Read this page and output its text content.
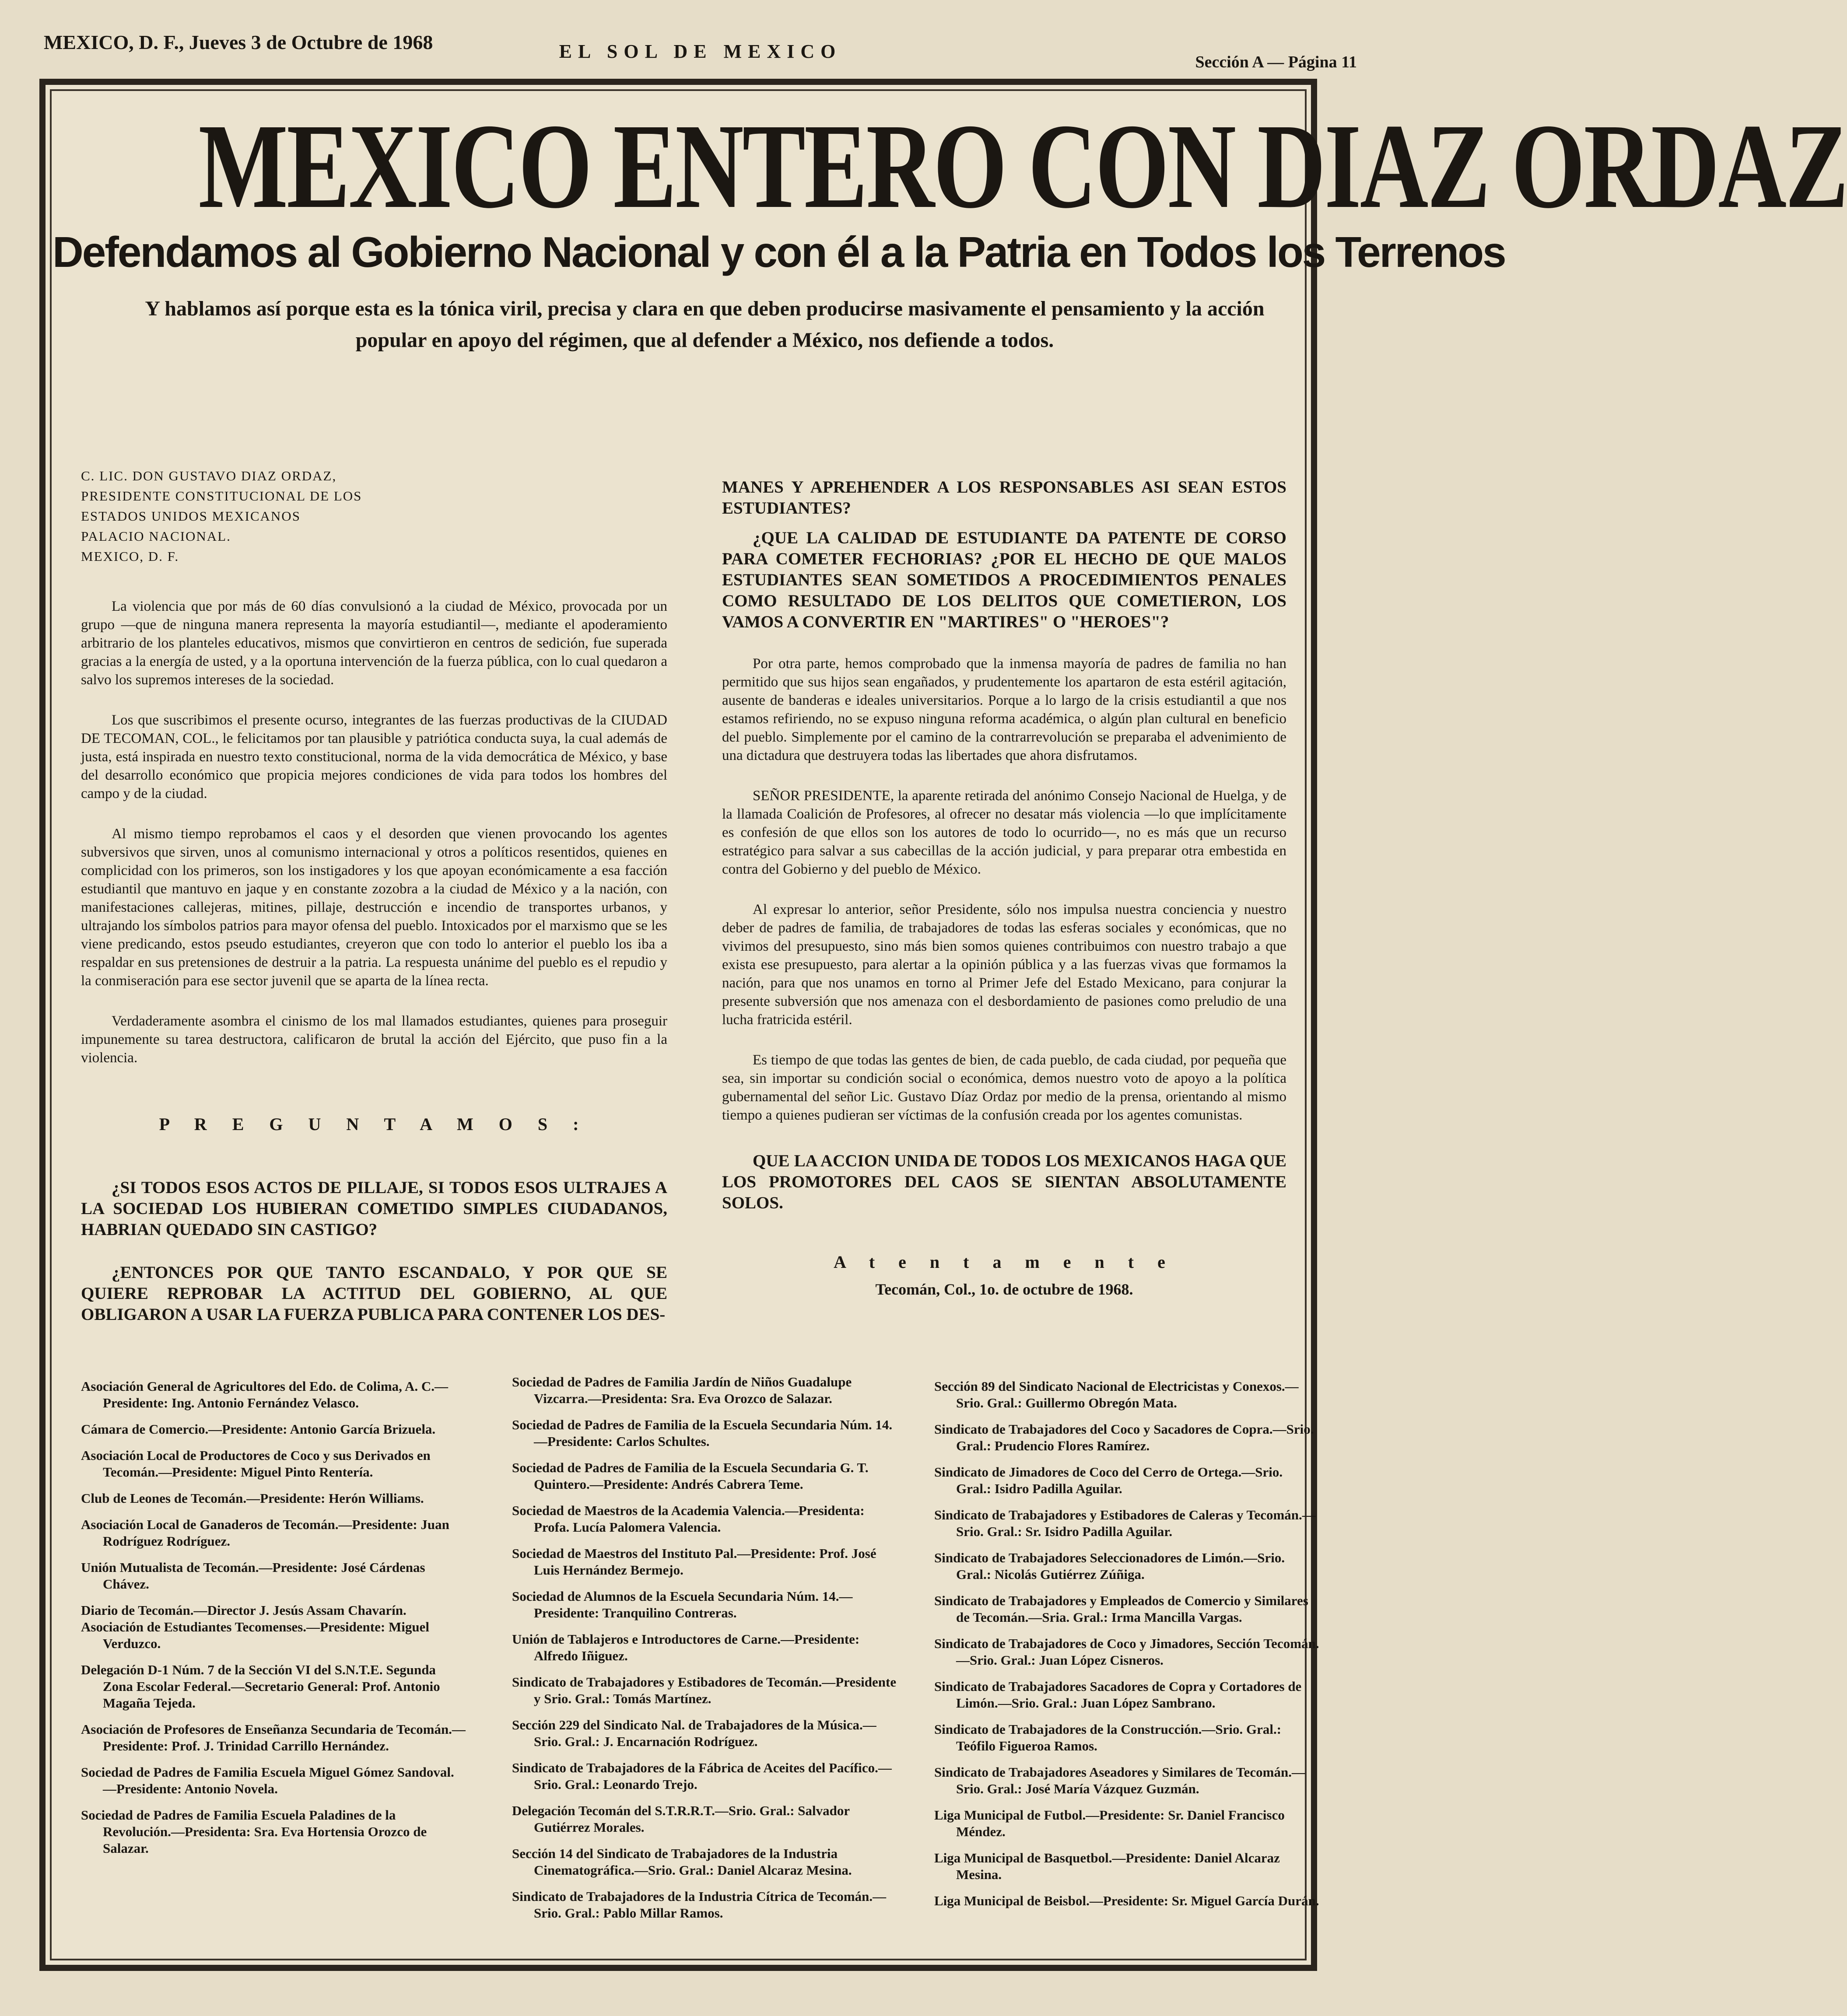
MEXICO, D. F., Jueves 3 de Octubre de 1968	EL SOL DE MEXICO	Sección A — Página 11
MEXICO ENTERO CON DIAZ ORDAZ
Defendamos al Gobierno Nacional y con él a la Patria en Todos los Terrenos
Y hablamos así porque esta es la tónica viril, precisa y clara en que deben producirse masivamente el pensamiento y la acción popular en apoyo del régimen, que al defender a México, nos defiende a todos.
C. LIC. DON GUSTAVO DIAZ ORDAZ,
PRESIDENTE CONSTITUCIONAL DE LOS
ESTADOS UNIDOS MEXICANOS
PALACIO NACIONAL.
MEXICO, D. F.

La violencia que por más de 60 días convulsionó a la ciudad de México, provocada por un grupo —que de ninguna manera representa la mayoría estudiantil—, mediante el apoderamiento arbitrario de los planteles educativos, mismos que convirtieron en centros de sedición, fue superada gracias a la energía de usted, y a la oportuna intervención de la fuerza pública, con lo cual quedaron a salvo los supremos intereses de la sociedad.

Los que suscribimos el presente ocurso, integrantes de las fuerzas productivas de la CIUDAD DE TECOMAN, COL., le felicitamos por tan plausible y patriótica conducta suya, la cual además de justa, está inspirada en nuestro texto constitucional, norma de la vida democrática de México, y base del desarrollo económico que propicia mejores condiciones de vida para todos los hombres del campo y de la ciudad.

Al mismo tiempo reprobamos el caos y el desorden que vienen provocando los agentes subversivos que sirven, unos al comunismo internacional y otros a políticos resentidos, quienes en complicidad con los primeros, son los instigadores y los que apoyan económicamente a esa facción estudiantil que mantuvo en jaque y en constante zozobra a la ciudad de México y a la nación, con manifestaciones callejeras, mitines, pillaje, destrucción e incendio de transportes urbanos, y ultrajando los símbolos patrios para mayor ofensa del pueblo. Intoxicados por el marxismo que se les viene predicando, estos pseudo estudiantes, creyeron que con todo lo anterior el pueblo los iba a respaldar en sus pretensiones de destruir a la patria. La respuesta unánime del pueblo es el repudio y la conmiseración para ese sector juvenil que se aparta de la línea recta.

Verdaderamente asombra el cinismo de los mal llamados estudiantes, quienes para proseguir impunemente su tarea destructora, calificaron de brutal la acción del Ejército, que puso fin a la violencia.

P R E G U N T A M O S :

¿SI TODOS ESOS ACTOS DE PILLAJE, SI TODOS ESOS ULTRAJES A LA SOCIEDAD LOS HUBIERAN COMETIDO SIMPLES CIUDADANOS, HABRIAN QUEDADO SIN CASTIGO?

¿ENTONCES POR QUE TANTO ESCANDALO, Y POR QUE SE QUIERE REPROBAR LA ACTITUD DEL GOBIERNO, AL QUE OBLIGARON A USAR LA FUERZA PUBLICA PARA CONTENER LOS DES-

MANES Y APREHENDER A LOS RESPONSABLES ASI SEAN ESTOS ESTUDIANTES?

¿QUE LA CALIDAD DE ESTUDIANTE DA PATENTE DE CORSO PARA COMETER FECHORIAS? ¿POR EL HECHO DE QUE MALOS ESTUDIANTES SEAN SOMETIDOS A PROCEDIMIENTOS PENALES COMO RESULTADO DE LOS DELITOS QUE COMETIERON, LOS VAMOS A CONVERTIR EN "MARTIRES" O "HEROES"?

Por otra parte, hemos comprobado que la inmensa mayoría de padres de familia no han permitido que sus hijos sean engañados, y prudentemente los apartaron de esta estéril agitación, ausente de banderas e ideales universitarios. Porque a lo largo de la crisis estudiantil a que nos estamos refiriendo, no se expuso ninguna reforma académica, o algún plan cultural en beneficio del pueblo. Simplemente por el camino de la contrarrevolución se preparaba el advenimiento de una dictadura que destruyera todas las libertades que ahora disfrutamos.

SEÑOR PRESIDENTE, la aparente retirada del anónimo Consejo Nacional de Huelga, y de la llamada Coalición de Profesores, al ofrecer no desatar más violencia —lo que implícitamente es confesión de que ellos son los autores de todo lo ocurrido—, no es más que un recurso estratégico para salvar a sus cabecillas de la acción judicial, y para preparar otra embestida en contra del Gobierno y del pueblo de México.

Al expresar lo anterior, señor Presidente, sólo nos impulsa nuestra conciencia y nuestro deber de padres de familia, de trabajadores de todas las esferas sociales y económicas, que no vivimos del presupuesto, sino más bien somos quienes contribuimos con nuestro trabajo a que exista ese presupuesto, para alertar a la opinión pública y a las fuerzas vivas que formamos la nación, para que nos unamos en torno al Primer Jefe del Estado Mexicano, para conjurar la presente subversión que nos amenaza con el desbordamiento de pasiones como preludio de una lucha fratricida estéril.

Es tiempo de que todas las gentes de bien, de cada pueblo, de cada ciudad, por pequeña que sea, sin importar su condición social o económica, demos nuestro voto de apoyo a la política gubernamental del señor Lic. Gustavo Díaz Ordaz por medio de la prensa, orientando al mismo tiempo a quienes pudieran ser víctimas de la confusión creada por los agentes comunistas.

QUE LA ACCION UNIDA DE TODOS LOS MEXICANOS HAGA QUE LOS PROMOTORES DEL CAOS SE SIENTAN ABSOLUTAMENTE SOLOS.

A t e n t a m e n t e
Tecomán, Col., 1o. de octubre de 1968.
Asociación General de Agricultores del Edo. de Colima, A. C.—Presidente: Ing. Antonio Fernández Velasco.
Cámara de Comercio.—Presidente: Antonio García Brizuela.
Asociación Local de Productores de Coco y sus Derivados en Tecomán.—Presidente: Miguel Pinto Rentería.
Club de Leones de Tecomán.—Presidente: Herón Williams.
Asociación Local de Ganaderos de Tecomán.—Presidente: Juan Rodríguez Rodríguez.
Unión Mutualista de Tecomán.—Presidente: José Cárdenas Chávez.
Diario de Tecomán.—Director J. Jesús Assam Chavarín.
Asociación de Estudiantes Tecomenses.—Presidente: Miguel Verduzco.
Delegación D-1 Núm. 7 de la Sección VI del S.N.T.E. Segunda Zona Escolar Federal.—Secretario General: Prof. Antonio Magaña Tejeda.
Asociación de Profesores de Enseñanza Secundaria de Tecomán.—Presidente: Prof. J. Trinidad Carrillo Hernández.
Sociedad de Padres de Familia Escuela Miguel Gómez Sandoval.—Presidente: Antonio Novela.
Sociedad de Padres de Familia Escuela Paladines de la Revolución.—Presidenta: Sra. Eva Hortensia Orozco de Salazar.
Sociedad de Padres de Familia Jardín de Niños Guadalupe Vizcarra.—Presidenta: Sra. Eva Orozco de Salazar.
Sociedad de Padres de Familia de la Escuela Secundaria Núm. 14.—Presidente: Carlos Schultes.
Sociedad de Padres de Familia de la Escuela Secundaria G. T. Quintero.—Presidente: Andrés Cabrera Teme.
Sociedad de Maestros de la Academia Valencia.—Presidenta: Profa. Lucía Palomera Valencia.
Sociedad de Maestros del Instituto Pal.—Presidente: Prof. José Luis Hernández Bermejo.
Sociedad de Alumnos de la Escuela Secundaria Núm. 14.—Presidente: Tranquilino Contreras.
Unión de Tablajeros e Introductores de Carne.—Presidente: Alfredo Iñiguez.
Sindicato de Trabajadores y Estibadores de Tecomán.—Presidente y Srio. Gral.: Tomás Martínez.
Sección 229 del Sindicato Nal. de Trabajadores de la Música.—Srio. Gral.: J. Encarnación Rodríguez.
Sindicato de Trabajadores de la Fábrica de Aceites del Pacífico.—Srio. Gral.: Leonardo Trejo.
Delegación Tecomán del S.T.R.R.T.—Srio. Gral.: Salvador Gutiérrez Morales.
Sección 14 del Sindicato de Trabajadores de la Industria Cinematográfica.—Srio. Gral.: Daniel Alcaraz Mesina.
Sindicato de Trabajadores de la Industria Cítrica de Tecomán.—Srio. Gral.: Pablo Millar Ramos.
Sección 89 del Sindicato Nacional de Electricistas y Conexos.—Srio. Gral.: Guillermo Obregón Mata.
Sindicato de Trabajadores del Coco y Sacadores de Copra.—Srio. Gral.: Prudencio Flores Ramírez.
Sindicato de Jimadores de Coco del Cerro de Ortega.—Srio. Gral.: Isidro Padilla Aguilar.
Sindicato de Trabajadores y Estibadores de Caleras y Tecomán.—Srio. Gral.: Sr. Isidro Padilla Aguilar.
Sindicato de Trabajadores Seleccionadores de Limón.—Srio. Gral.: Nicolás Gutiérrez Zúñiga.
Sindicato de Trabajadores y Empleados de Comercio y Similares de Tecomán.—Sria. Gral.: Irma Mancilla Vargas.
Sindicato de Trabajadores de Coco y Jimadores, Sección Tecomán.—Srio. Gral.: Juan López Cisneros.
Sindicato de Trabajadores Sacadores de Copra y Cortadores de Limón.—Srio. Gral.: Juan López Sambrano.
Sindicato de Trabajadores de la Construcción.—Srio. Gral.: Teófilo Figueroa Ramos.
Sindicato de Trabajadores Aseadores y Similares de Tecomán.—Srio. Gral.: José María Vázquez Guzmán.
Liga Municipal de Futbol.—Presidente: Sr. Daniel Francisco Méndez.
Liga Municipal de Basquetbol.—Presidente: Daniel Alcaraz Mesina.
Liga Municipal de Beisbol.—Presidente: Sr. Miguel García Durán.
